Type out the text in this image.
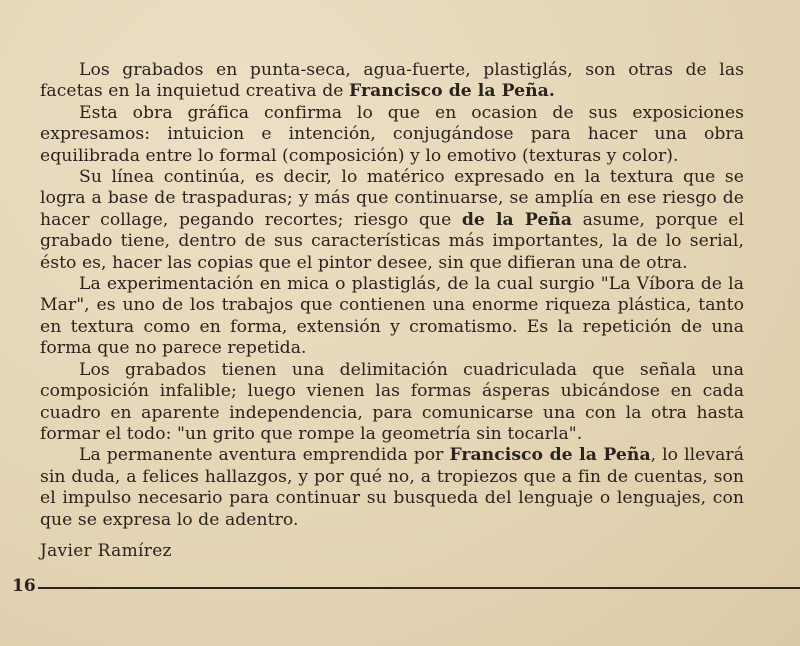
Los grabados en punta-seca, agua-fuerte, plastiglás, son otras de las facetas en la inquietud creativa de Francisco de la Peña.

Esta obra gráfica confirma lo que en ocasion de sus exposiciones expresamos: intuicion e intención, conjugándose para hacer una obra equilibrada entre lo formal (composición) y lo emotivo (texturas y color).

Su línea continúa, es decir, lo matérico expresado en la textura que se logra a base de traspaduras; y más que continuarse, se amplía en ese riesgo de hacer collage, pegando recortes; riesgo que de la Peña asume, porque el grabado tiene, dentro de sus características más importantes, la de lo serial, ésto es, hacer las copias que el pintor desee, sin que difieran una de otra.

La experimentación en mica o plastiglás, de la cual surgio "La Víbora de la Mar", es uno de los trabajos que contienen una enorme riqueza plástica, tanto en textura como en forma, extensión y cromatismo. Es la repetición de una forma que no parece repetida.

Los grabados tienen una delimitación cuadriculada que señala una composición infalible; luego vienen las formas ásperas ubicándose en cada cuadro en aparente independencia, para comunicarse una con la otra hasta formar el todo: "un grito que rompe la geometría sin tocarla".

La permanente aventura emprendida por Francisco de la Peña, lo llevará sin duda, a felices hallazgos, y por qué no, a tropiezos que a fin de cuentas, son el impulso necesario para continuar su busqueda del lenguaje o lenguajes, con que se expresa lo de adentro.

Javier Ramírez
16
